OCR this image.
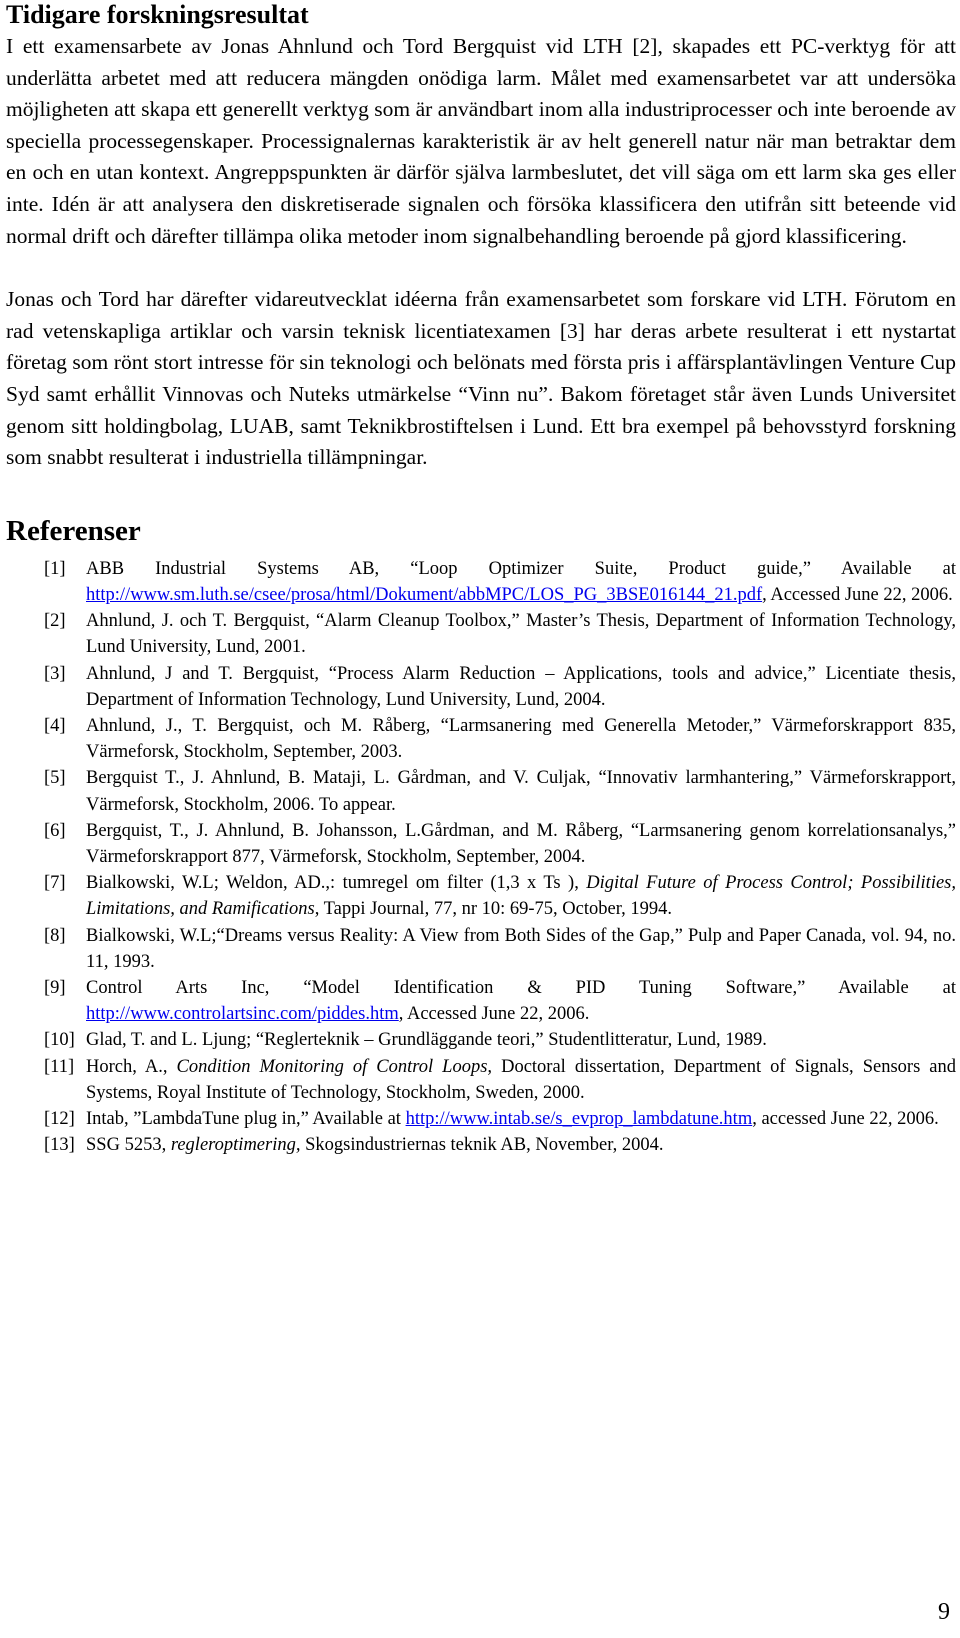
Tidigare forskningsresultat

I ett examensarbete av Jonas Ahnlund och Tord Bergquist vid LTH [2], skapades ett PC-verktyg för att underlätta arbetet med att reducera mängden onödiga larm. Målet med examensarbetet var att undersöka möjligheten att skapa ett generellt verktyg som är användbart inom alla industriprocesser och inte beroende av speciella processegenskaper. Processignalernas karakteristik är av helt generell natur när man betraktar dem en och en utan kontext. Angreppspunkten är därför själva larmbeslutet, det vill säga om ett larm ska ges eller inte. Idén är att analysera den diskretiserade signalen och försöka klassificera den utifrån sitt beteende vid normal drift och därefter tillämpa olika metoder inom signalbehandling beroende på gjord klassificering.

Jonas och Tord har därefter vidareutvecklat idéerna från examensarbetet som forskare vid LTH. Förutom en rad vetenskapliga artiklar och varsin teknisk licentiatexamen [3] har deras arbete resulterat i ett nystartat företag som rönt stort intresse för sin teknologi och belönats med första pris i affärsplantävlingen Venture Cup Syd samt erhållit Vinnovas och Nuteks utmärkelse “Vinn nu”. Bakom företaget står även Lunds Universitet genom sitt holdingbolag, LUAB, samt Teknikbrostiftelsen i Lund. Ett bra exempel på behovsstyrd forskning som snabbt resulterat i industriella tillämpningar.

Referenser
[1] ABB Industrial Systems AB, “Loop Optimizer Suite, Product guide,” Available at http://www.sm.luth.se/csee/prosa/html/Dokument/abbMPC/LOS_PG_3BSE016144_21.pdf, Accessed June 22, 2006.
[2] Ahnlund, J. och T. Bergquist, “Alarm Cleanup Toolbox,” Master’s Thesis, Department of Information Technology, Lund University, Lund, 2001.
[3] Ahnlund, J and T. Bergquist, “Process Alarm Reduction – Applications, tools and advice,” Licentiate thesis, Department of Information Technology, Lund University, Lund, 2004.
[4] Ahnlund, J., T. Bergquist, och M. Råberg, “Larmsanering med Generella Metoder,” Värmeforskrapport 835, Värmeforsk, Stockholm, September, 2003.
[5] Bergquist T., J. Ahnlund, B. Mataji, L. Gårdman, and V. Culjak, “Innovativ larmhantering,” Värmeforskrapport, Värmeforsk, Stockholm, 2006. To appear.
[6] Bergquist, T., J. Ahnlund, B. Johansson, L.Gårdman, and M. Råberg, “Larmsanering genom korrelationsanalys,” Värmeforskrapport 877, Värmeforsk, Stockholm, September, 2004.
[7] Bialkowski, W.L; Weldon, AD.,: tumregel om filter (1,3 x Ts ), Digital Future of Process Control; Possibilities, Limitations, and Ramifications, Tappi Journal, 77, nr 10: 69-75, October, 1994.
[8] Bialkowski, W.L;“Dreams versus Reality: A View from Both Sides of the Gap,” Pulp and Paper Canada, vol. 94, no. 11, 1993.
[9] Control Arts Inc, “Model Identification & PID Tuning Software,” Available at http://www.controlartsinc.com/piddes.htm, Accessed June 22, 2006.
[10] Glad, T. and L. Ljung; “Reglerteknik – Grundläggande teori,” Studentlitteratur, Lund, 1989.
[11] Horch, A., Condition Monitoring of Control Loops, Doctoral dissertation, Department of Signals, Sensors and Systems, Royal Institute of Technology, Stockholm, Sweden, 2000.
[12] Intab, ”LambdaTune plug in,” Available at http://www.intab.se/s_evprop_lambdatune.htm, accessed June 22, 2006.
[13] SSG 5253, regleroptimering, Skogsindustriernas teknik AB, November, 2004.
9
